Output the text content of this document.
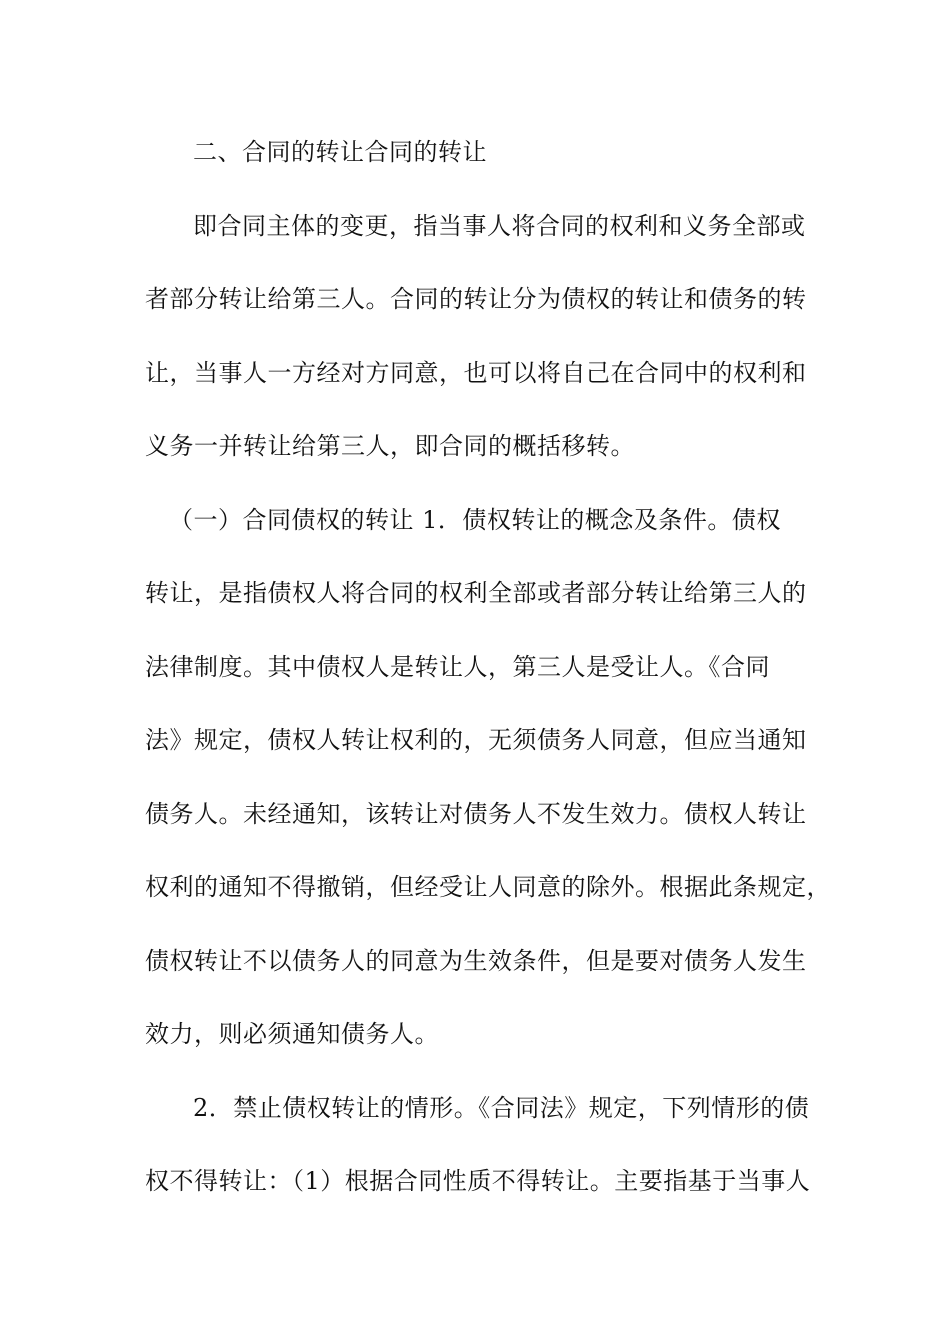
二、合同的转让合同的转让
即合同主体的变更，指当事人将合同的权利和义务全部或
者部分转让给第三人。合同的转让分为债权的转让和债务的转
让，当事人一方经对方同意，也可以将自己在合同中的权利和
义务一并转让给第三人，即合同的概括移转。
（一）合同债权的转让 1．债权转让的概念及条件。债权
转让，是指债权人将合同的权利全部或者部分转让给第三人的
法律制度。其中债权人是转让人，第三人是受让人。《合同
法》规定，债权人转让权利的，无须债务人同意，但应当通知
债务人。未经通知，该转让对债务人不发生效力。债权人转让
权利的通知不得撤销，但经受让人同意的除外。根据此条规定，
债权转让不以债务人的同意为生效条件，但是要对债务人发生
效力，则必须通知债务人。
2．禁止债权转让的情形。《合同法》规定，下列情形的债
权不得转让：（1）根据合同性质不得转让。主要指基于当事人
